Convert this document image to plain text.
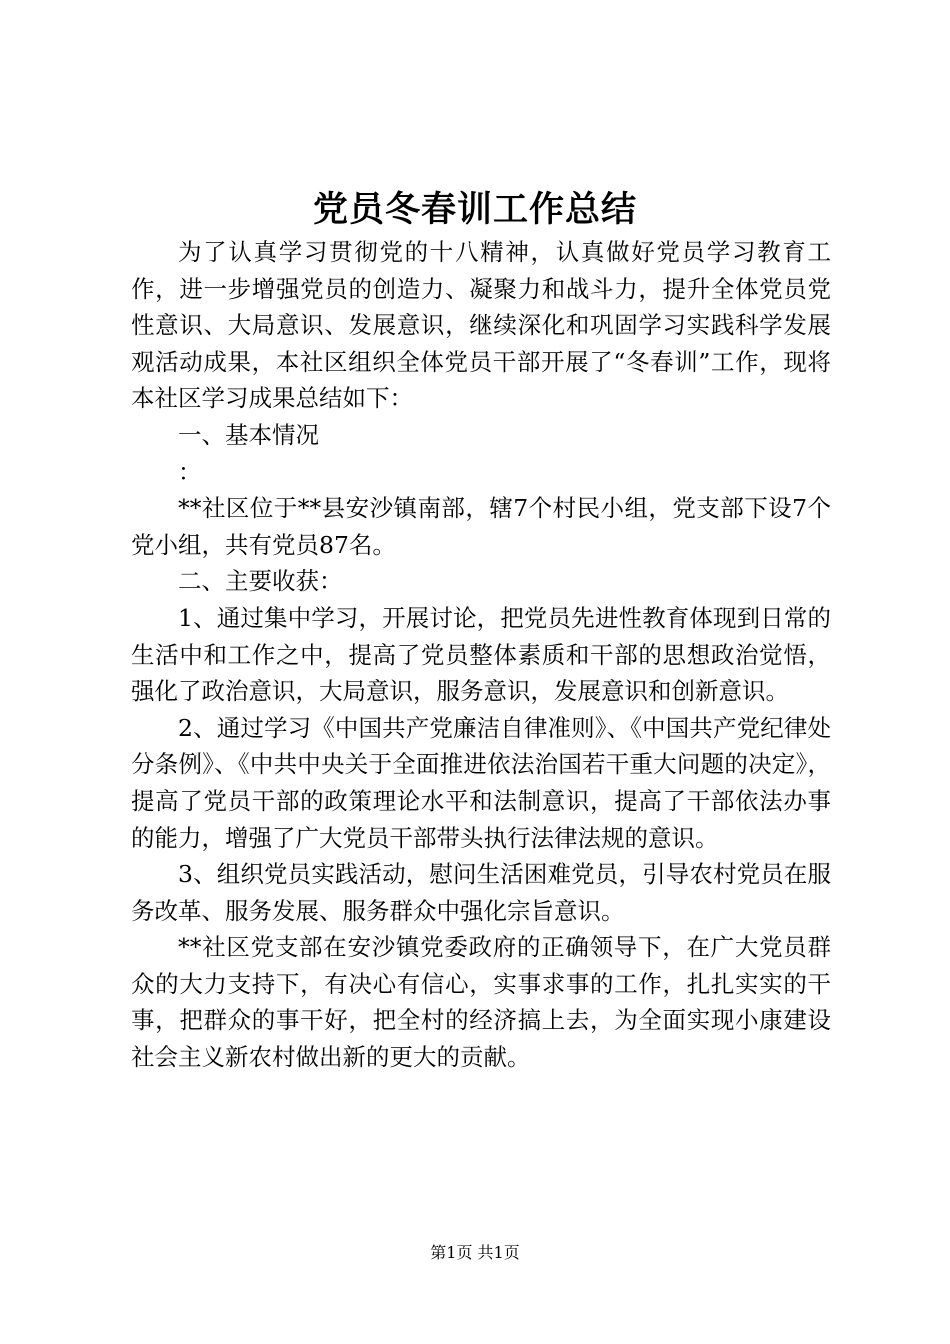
党员冬春训工作总结

为了认真学习贯彻党的十八精神，认真做好党员学习教育工作，进一步增强党员的创造力、凝聚力和战斗力，提升全体党员党性意识、大局意识、发展意识，继续深化和巩固学习实践科学发展观活动成果，本社区组织全体党员干部开展了“冬春训”工作，现将本社区学习成果总结如下：

一、基本情况

：

**社区位于**县安沙镇南部，辖7个村民小组，党支部下设7个党小组，共有党员87名。

二、主要收获：

1、通过集中学习，开展讨论，把党员先进性教育体现到日常的生活中和工作之中，提高了党员整体素质和干部的思想政治觉悟，强化了政治意识，大局意识，服务意识，发展意识和创新意识。

2、通过学习《中国共产党廉洁自律准则》、《中国共产党纪律处分条例》、《中共中央关于全面推进依法治国若干重大问题的决定》，提高了党员干部的政策理论水平和法制意识，提高了干部依法办事的能力，增强了广大党员干部带头执行法律法规的意识。

3、组织党员实践活动，慰问生活困难党员，引导农村党员在服务改革、服务发展、服务群众中强化宗旨意识。

**社区党支部在安沙镇党委政府的正确领导下，在广大党员群众的大力支持下，有决心有信心，实事求事的工作，扎扎实实的干事，把群众的事干好，把全村的经济搞上去，为全面实现小康建设社会主义新农村做出新的更大的贡献。

第1页 共1页
